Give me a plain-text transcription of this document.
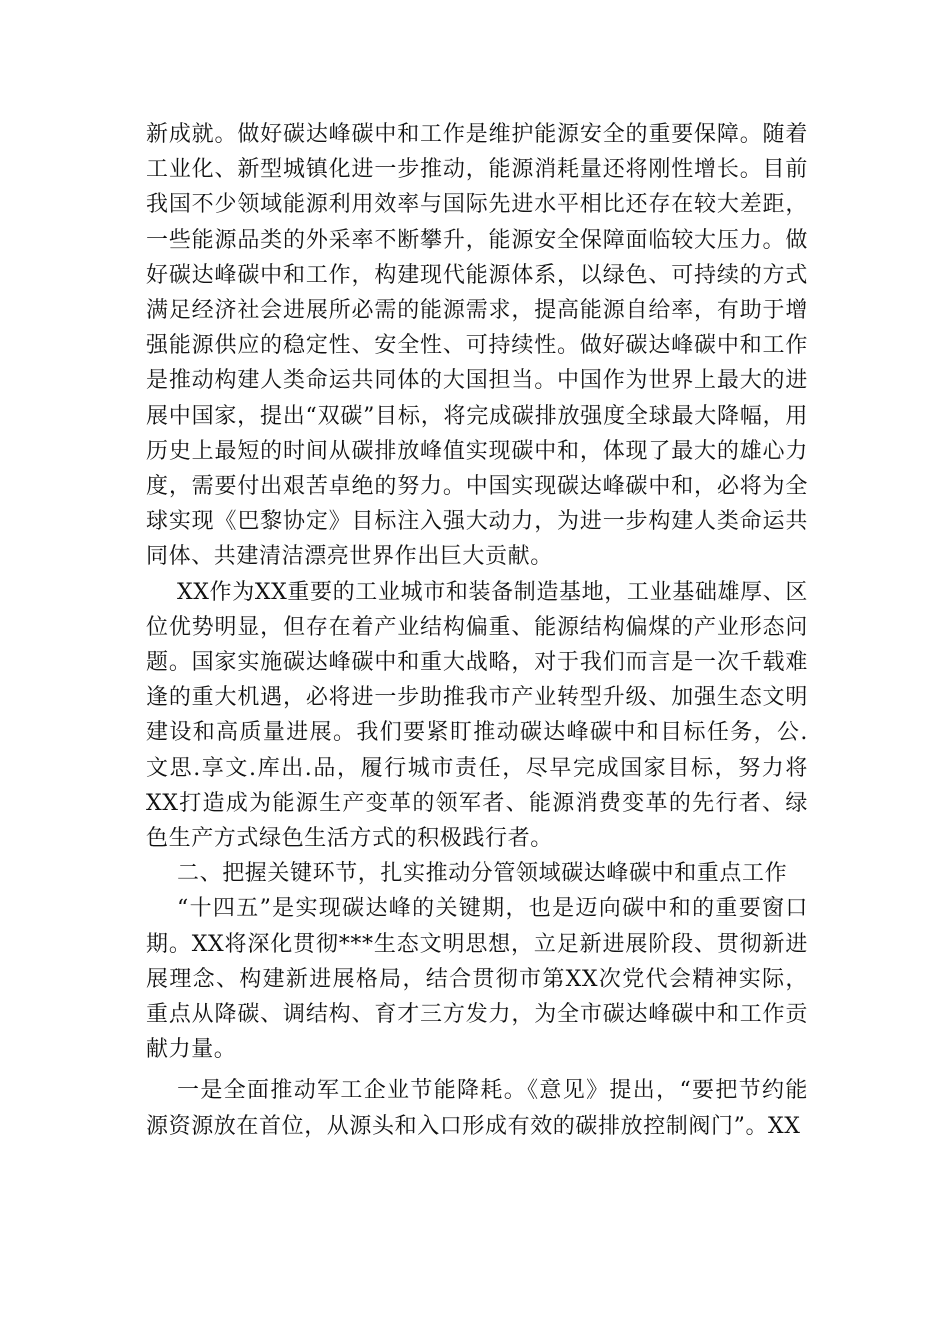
新成就。做好碳达峰碳中和工作是维护能源安全的重要保障。随着工业化、新型城镇化进一步推动，能源消耗量还将刚性增长。目前我国不少领域能源利用效率与国际先进水平相比还存在较大差距，一些能源品类的外采率不断攀升，能源安全保障面临较大压力。做好碳达峰碳中和工作，构建现代能源体系，以绿色、可持续的方式满足经济社会进展所必需的能源需求，提高能源自给率，有助于增强能源供应的稳定性、安全性、可持续性。做好碳达峰碳中和工作是推动构建人类命运共同体的大国担当。中国作为世界上最大的进展中国家，提出“双碳”目标，将完成碳排放强度全球最大降幅，用历史上最短的时间从碳排放峰值实现碳中和，体现了最大的雄心力度，需要付出艰苦卓绝的努力。中国实现碳达峰碳中和，必将为全球实现《巴黎协定》目标注入强大动力，为进一步构建人类命运共同体、共建清洁漂亮世界作出巨大贡献。

XX作为XX重要的工业城市和装备制造基地，工业基础雄厚、区位优势明显，但存在着产业结构偏重、能源结构偏煤的产业形态问题。国家实施碳达峰碳中和重大战略，对于我们而言是一次千载难逢的重大机遇，必将进一步助推我市产业转型升级、加强生态文明建设和高质量进展。我们要紧盯推动碳达峰碳中和目标任务，公.文思.享文.库出.品，履行城市责任，尽早完成国家目标，努力将XX打造成为能源生产变革的领军者、能源消费变革的先行者、绿色生产方式绿色生活方式的积极践行者。

二、把握关键环节，扎实推动分管领域碳达峰碳中和重点工作

“十四五”是实现碳达峰的关键期，也是迈向碳中和的重要窗口期。XX将深化贯彻***生态文明思想，立足新进展阶段、贯彻新进展理念、构建新进展格局，结合贯彻市第XX次党代会精神实际，重点从降碳、调结构、育才三方发力，为全市碳达峰碳中和工作贡献力量。

一是全面推动军工企业节能降耗。《意见》提出，“要把节约能源资源放在首位，从源头和入口形成有效的碳排放控制阀门”。XX
